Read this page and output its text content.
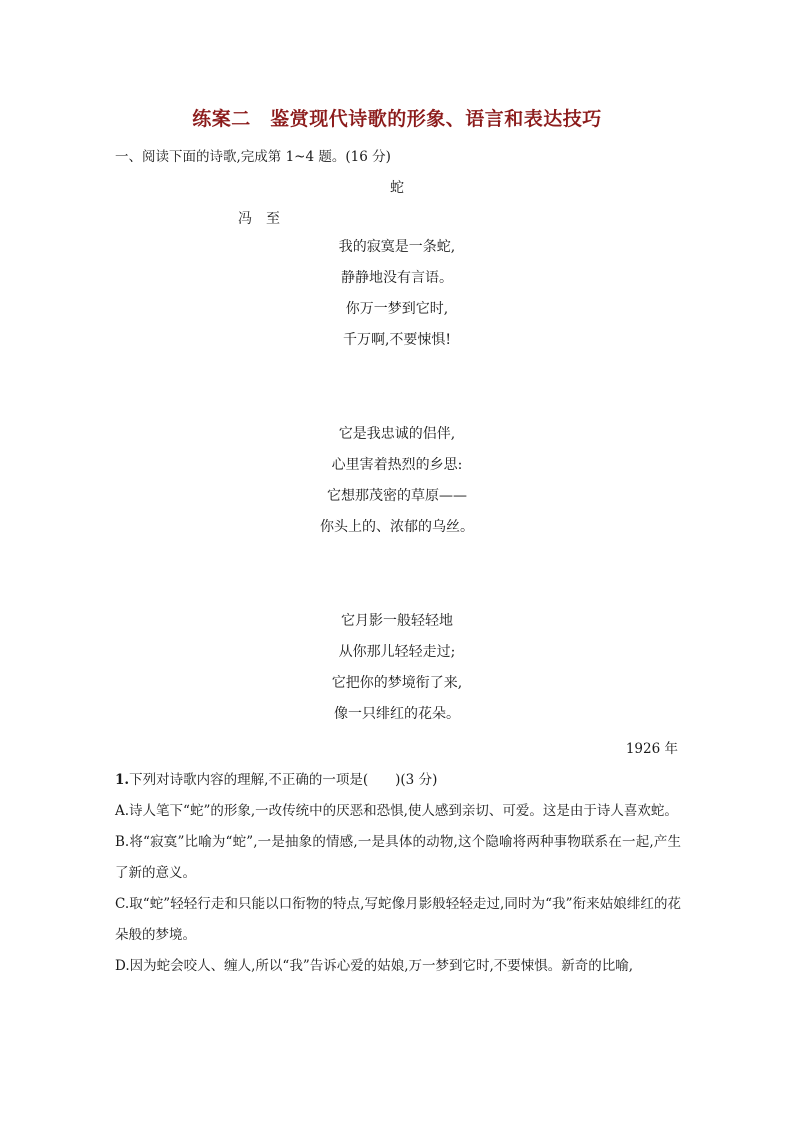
练案二　鉴赏现代诗歌的形象、语言和表达技巧
一、阅读下面的诗歌,完成第 1~4 题。(16 分)
蛇
冯　至
我的寂寞是一条蛇,
静静地没有言语。
你万一梦到它时,
千万啊,不要悚惧!
它是我忠诚的侣伴,
心里害着热烈的乡思:
它想那茂密的草原——
你头上的、浓郁的乌丝。
它月影一般轻轻地
从你那儿轻轻走过;
它把你的梦境衔了来,
像一只绯红的花朵。
1926 年
1.下列对诗歌内容的理解,不正确的一项是(　　)(3 分)
A.诗人笔下“蛇”的形象,一改传统中的厌恶和恐惧,使人感到亲切、可爱。这是由于诗人喜欢蛇。
B.将“寂寞”比喻为“蛇”,一是抽象的情感,一是具体的动物,这个隐喻将两种事物联系在一起,产生了新的意义。
C.取“蛇”轻轻行走和只能以口衔物的特点,写蛇像月影般轻轻走过,同时为“我”衔来姑娘绯红的花朵般的梦境。
D.因为蛇会咬人、缠人,所以“我”告诉心爱的姑娘,万一梦到它时,不要悚惧。新奇的比喻,
